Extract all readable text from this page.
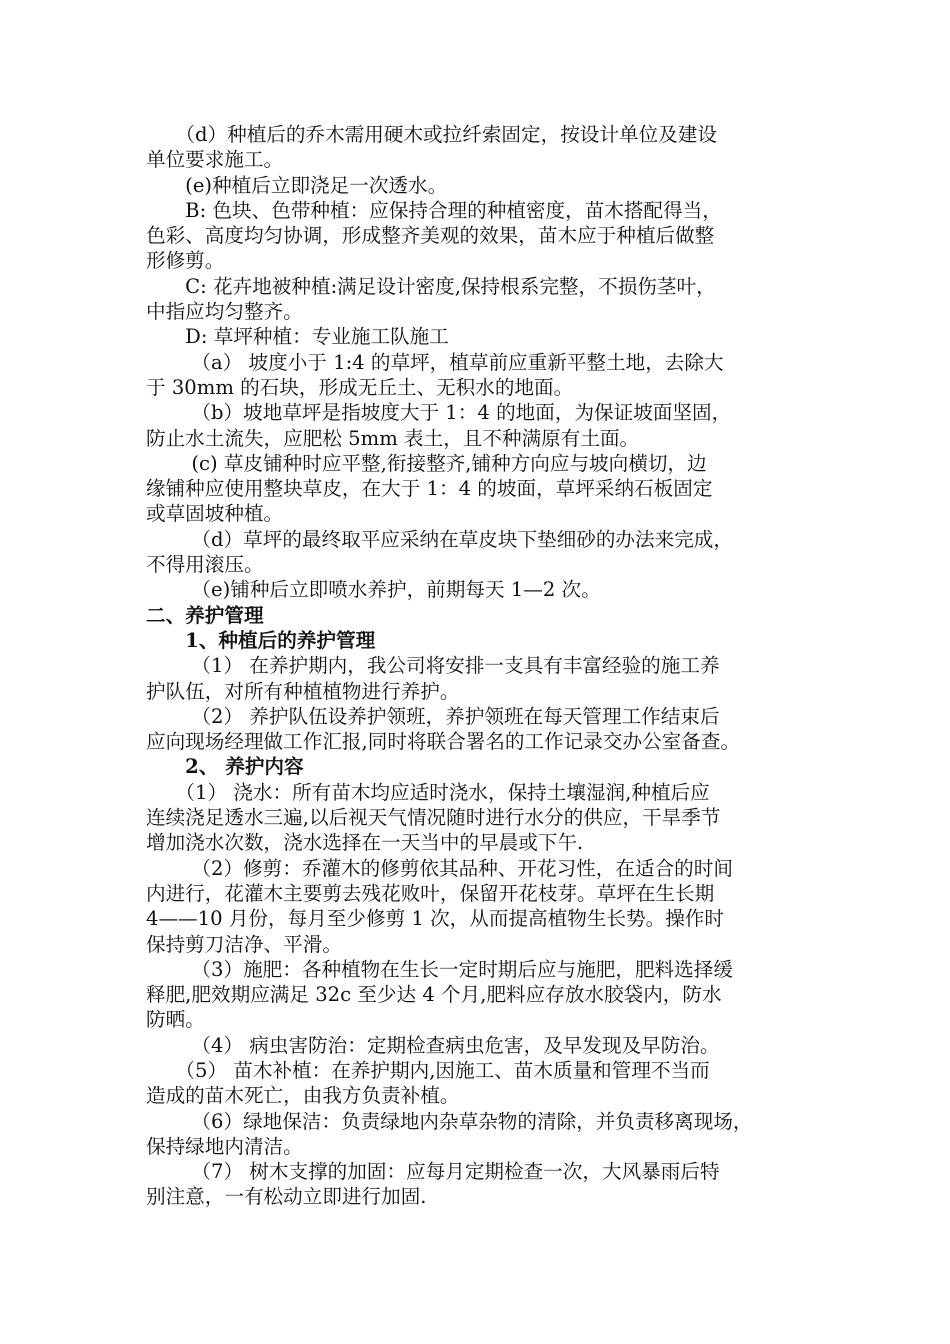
　　（d）种植后的乔木需用硬木或拉纤索固定，按设计单位及建设
单位要求施工。
　　(e)种植后立即浇足一次透水。
　　B: 色块、色带种植：应保持合理的种植密度，苗木搭配得当，
色彩、高度均匀协调，形成整齐美观的效果，苗木应于种植后做整
形修剪。
　　C: 花卉地被种植:满足设计密度,保持根系完整，不损伤茎叶，
中指应均匀整齐。
　　D: 草坪种植：专业施工队施工
　　 （a） 坡度小于 1:4 的草坪，植草前应重新平整土地，去除大
于 30mm 的石块，形成无丘土、无积水的地面。
　　 （b）坡地草坪是指坡度大于 1：4 的地面，为保证坡面坚固，
防止水土流失，应肥松 5mm 表土，且不种满原有土面。
　　 (c) 草皮铺种时应平整,衔接整齐,铺种方向应与坡向横切，边
缘铺种应使用整块草皮，在大于 1：4 的坡面，草坪采纳石板固定
或草固坡种植。
　　 （d）草坪的最终取平应采纳在草皮块下垫细砂的办法来完成，
不得用滚压。
　　 （e)铺种后立即喷水养护，前期每天 1—2 次。
二、养护管理
　　1、种植后的养护管理
　　 （1） 在养护期内，我公司将安排一支具有丰富经验的施工养
护队伍，对所有种植植物进行养护。
　　 （2） 养护队伍设养护领班，养护领班在每天管理工作结束后
应向现场经理做工作汇报,同时将联合署名的工作记录交办公室备查。
　　2、 养护内容
　　（1） 浇水：所有苗木均应适时浇水，保持土壤湿润,种植后应
连续浇足透水三遍,以后视天气情况随时进行水分的供应，干旱季节
增加浇水次数，浇水选择在一天当中的早晨或下午.
　　 （2）修剪：乔灌木的修剪依其品种、开花习性，在适合的时间
内进行，花灌木主要剪去残花败叶，保留开花枝芽。草坪在生长期
4——10 月份，每月至少修剪 1 次，从而提高植物生长势。操作时
保持剪刀洁净、平滑。
　　 （3）施肥：各种植物在生长一定时期后应与施肥，肥料选择缓
释肥,肥效期应满足 32c 至少达 4 个月,肥料应存放水胶袋内，防水
防晒。
　　 （4） 病虫害防治：定期检查病虫危害，及早发现及早防治。
　　（5） 苗木补植：在养护期内,因施工、苗木质量和管理不当而
造成的苗木死亡，由我方负责补植。
　　 （6）绿地保洁：负责绿地内杂草杂物的清除，并负责移离现场，
保持绿地内清洁。
　　 （7） 树木支撑的加固：应每月定期检查一次，大风暴雨后特
别注意，一有松动立即进行加固.
